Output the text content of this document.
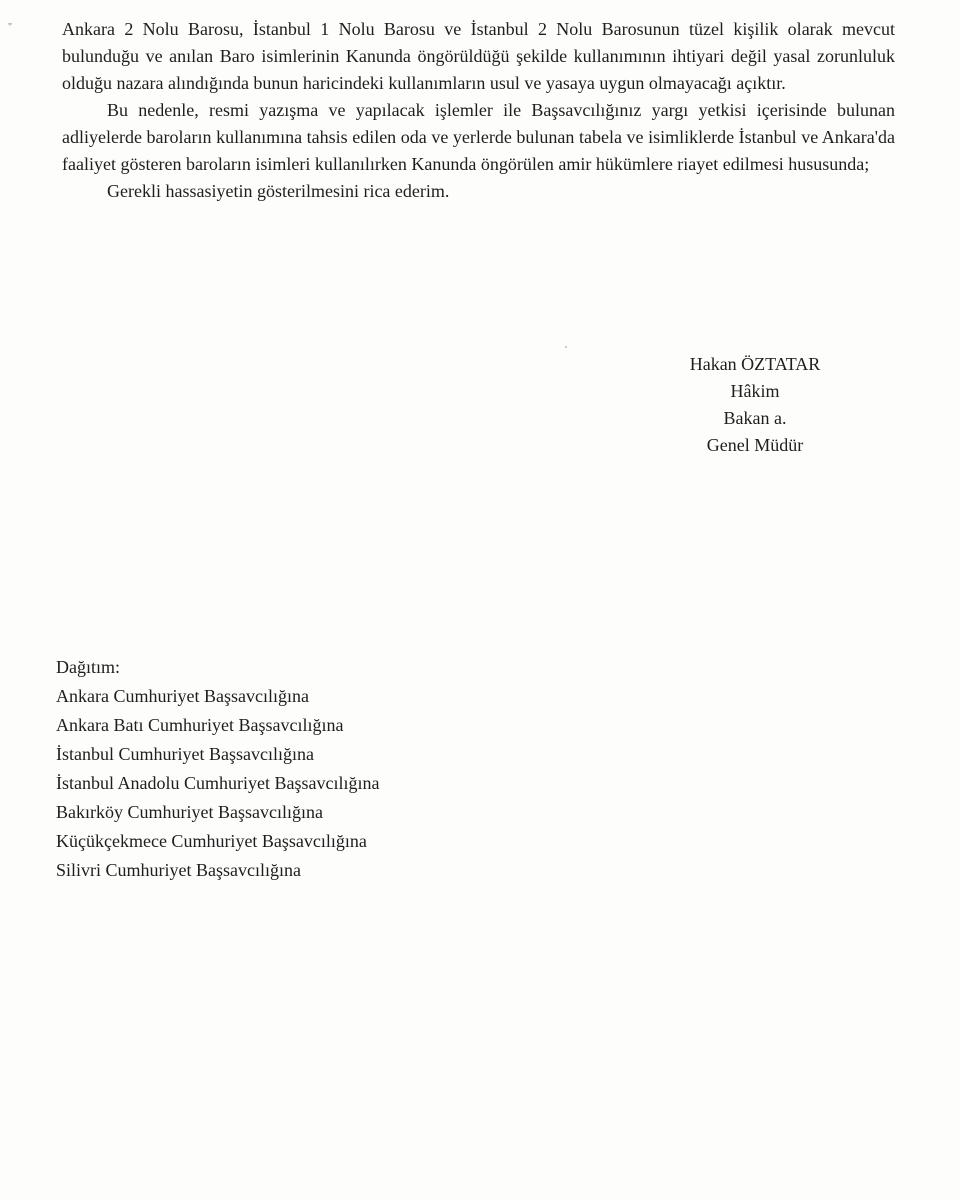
"	Ankara 2 Nolu Barosu, İstanbul 1 Nolu Barosu ve İstanbul 2 Nolu Barosunun tüzel kişilik olarak mevcut bulunduğu ve anılan Baro isimlerinin Kanunda öngörüldüğü şekilde kullanımının ihtiyari değil yasal zorunluluk olduğu nazara alındığında bunun haricindeki kullanımların usul ve yasaya uygun olmayacağı açıktır.

Bu nedenle, resmi yazışma ve yapılacak işlemler ile Başsavcılığınız yargı yetkisi içerisinde bulunan adliyelerde baroların kullanımına tahsis edilen oda ve yerlerde bulunan tabela ve isimliklerde İstanbul ve Ankara'da faaliyet gösteren baroların isimleri kullanılırken Kanunda öngörülen amir hükümlere riayet edilmesi hususunda;

Gerekli hassasiyetin gösterilmesini rica ederim.

Hakan ÖZTATAR
Hâkim
Bakan a.
Genel Müdür
Dağıtım:
Ankara Cumhuriyet Başsavcılığına
Ankara Batı Cumhuriyet Başsavcılığına
İstanbul Cumhuriyet Başsavcılığına
İstanbul Anadolu Cumhuriyet Başsavcılığına
Bakırköy Cumhuriyet Başsavcılığına
Küçükçekmece Cumhuriyet Başsavcılığına
Silivri Cumhuriyet Başsavcılığına
